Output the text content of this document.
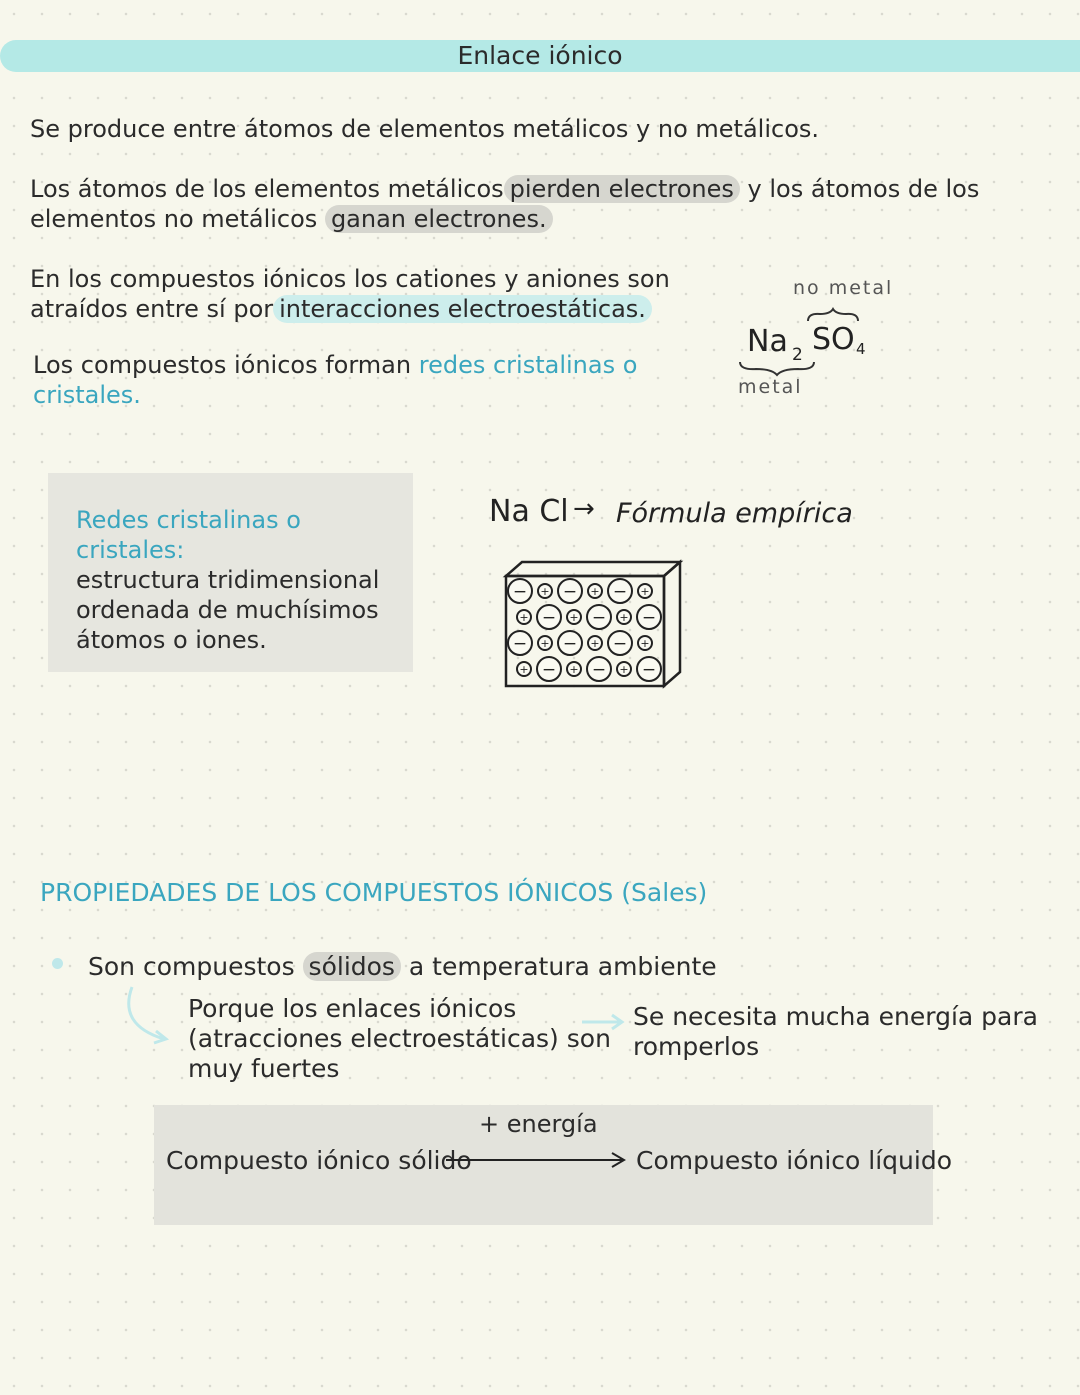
Enlace iónico
Se produce entre átomos de elementos metálicos y no metálicos.
Los átomos de los elementos metálicos pierden electrones y los átomos de los
elementos no metálicos ganan electrones.
En los compuestos iónicos los cationes y aniones son
atraídos entre sí por interacciones electroestáticas.
Los compuestos iónicos forman redes cristalinas o
cristales.
no metal
Na 2 SO 4
metal
Redes cristalinas o cristales:
estructura tridimensional
ordenada de muchísimos
átomos o iones.
Na Cl → Fórmula empírica
− + − + − +
+ − + − + −
− + − + − +
+ − + − + −
PROPIEDADES DE LOS COMPUESTOS IÓNICOS (Sales)
Son compuestos sólidos a temperatura ambiente
Porque los enlaces iónicos
(atracciones electroestáticas) son
muy fuertes
Se necesita mucha energía para
romperlos
Compuesto iónico sólido
+ energía
Compuesto iónico líquido
